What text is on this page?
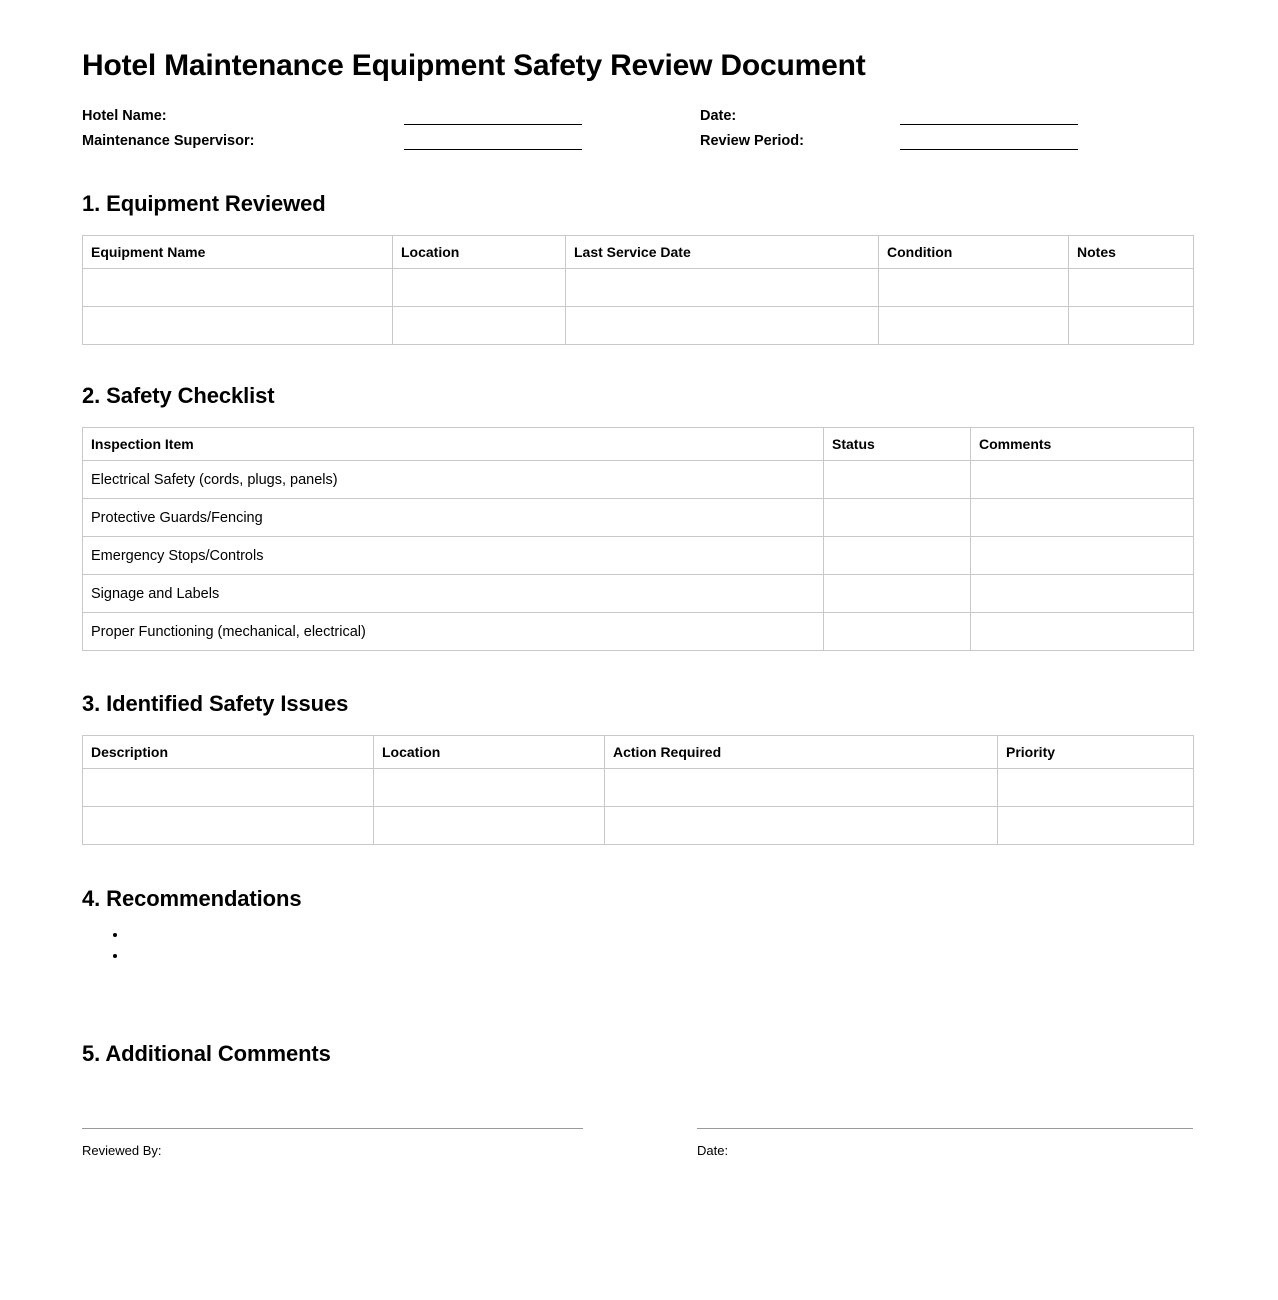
Hotel Maintenance Equipment Safety Review Document
Hotel Name:	Date:
Maintenance Supervisor:	Review Period:
1. Equipment Reviewed
Equipment Name	Location	Last Service Date	Condition	Notes

2. Safety Checklist
Inspection Item	Status	Comments
Electrical Safety (cords, plugs, panels)		
Protective Guards/Fencing		
Emergency Stops/Controls		
Signage and Labels		
Proper Functioning (mechanical, electrical)		
3. Identified Safety Issues
Description	Location	Action Required	Priority

4. Recommendations
•
•
5. Additional Comments
Reviewed By:	Date:
